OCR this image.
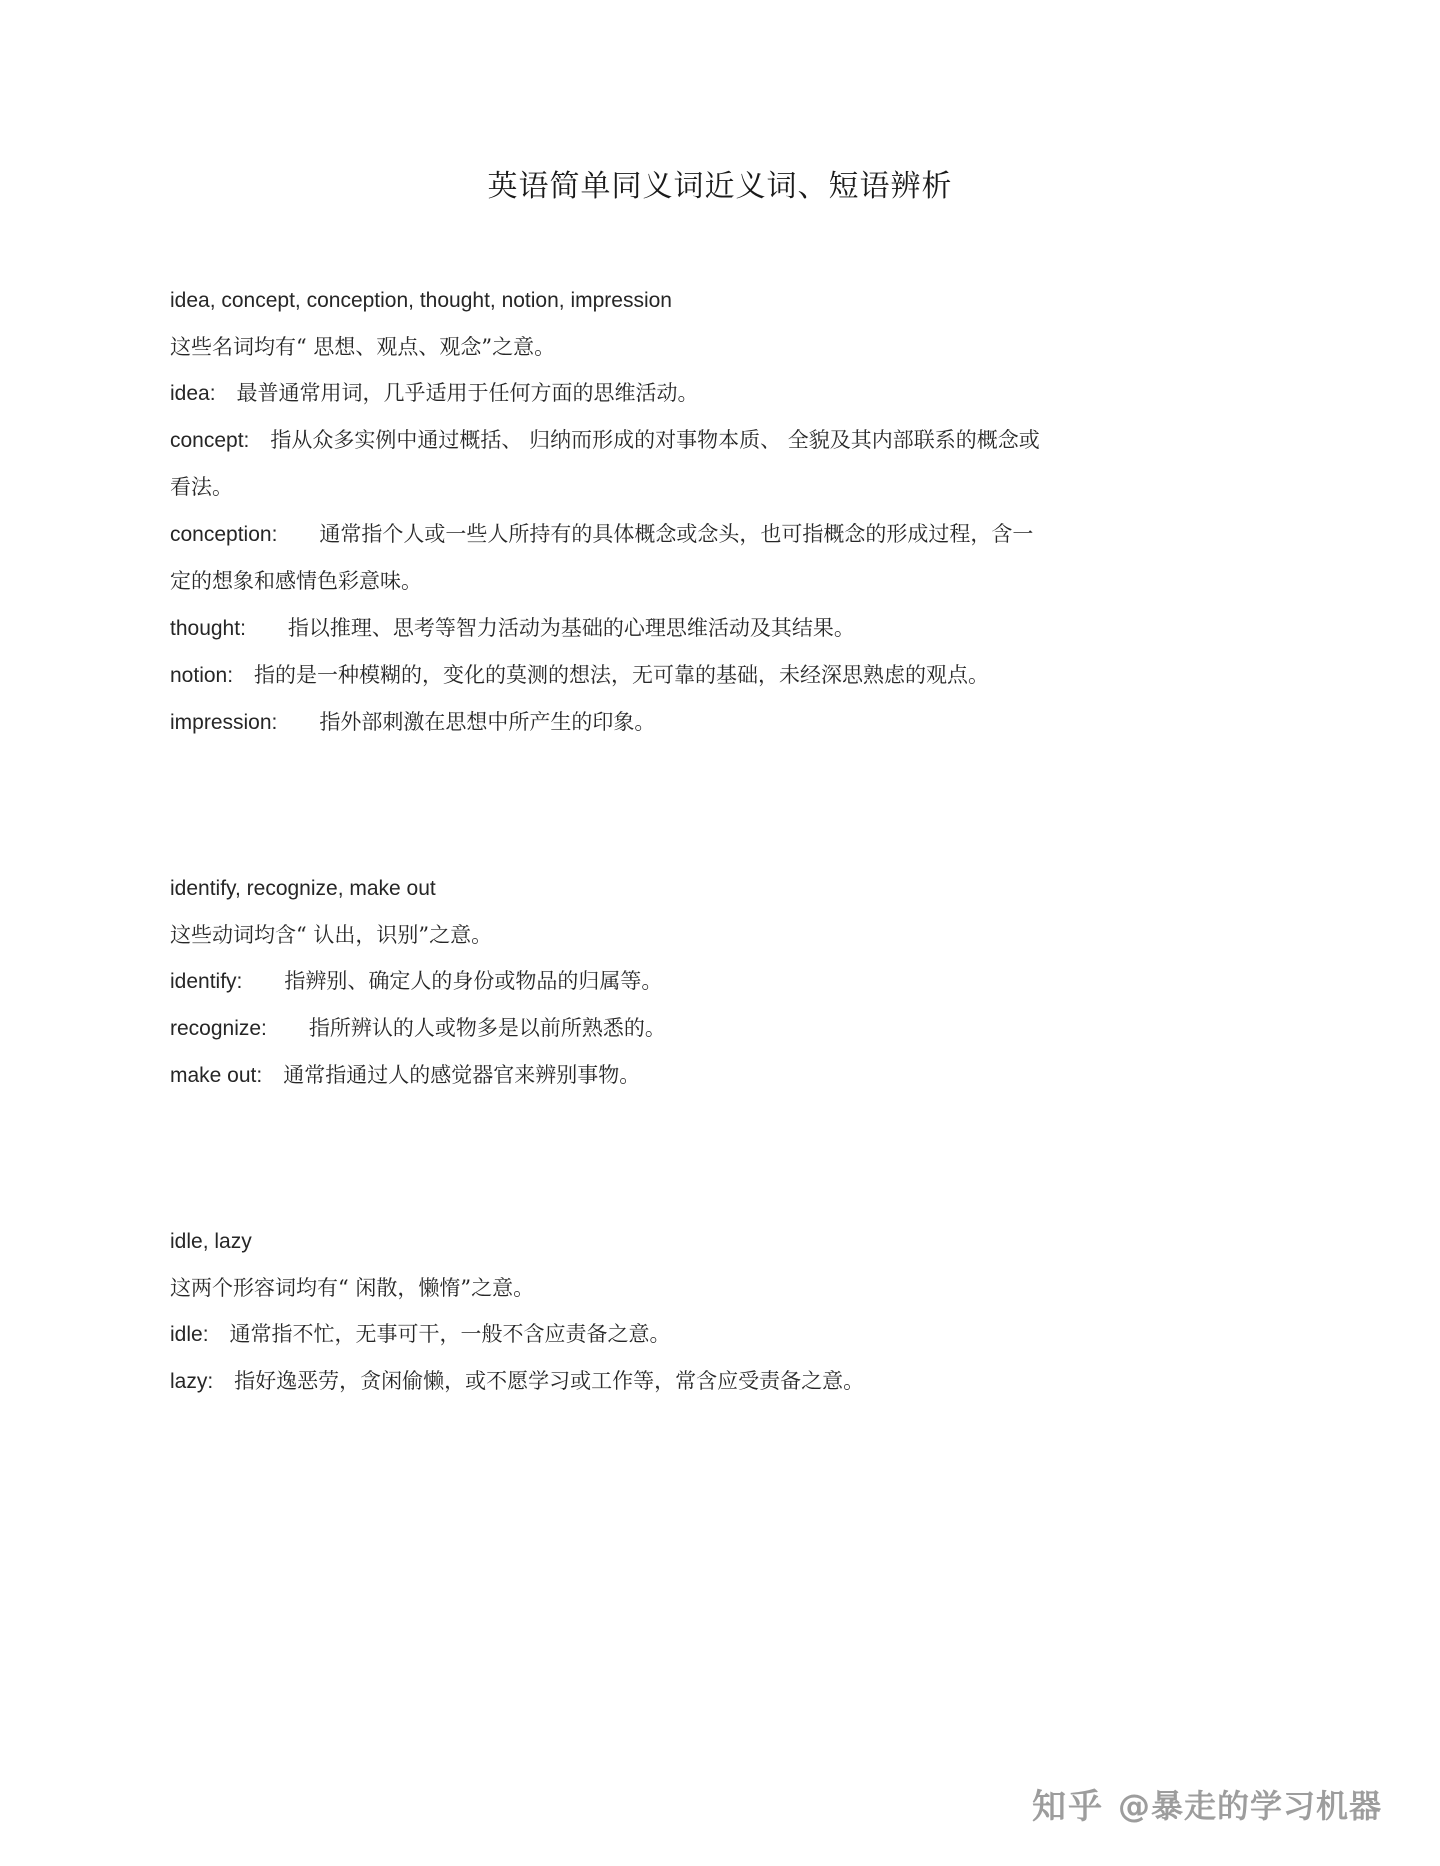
英语简单同义词近义词、短语辨析
idea, concept, conception, thought, notion, impression
这些名词均有“ 思想、观点、观念”之意。
idea:　最普通常用词，几乎适用于任何方面的思维活动。
concept:　指从众多实例中通过概括、 归纳而形成的对事物本质、 全貌及其内部联系的概念或看法。
conception:　　通常指个人或一些人所持有的具体概念或念头，也可指概念的形成过程，含一定的想象和感情色彩意味。
thought:　　指以推理、思考等智力活动为基础的心理思维活动及其结果。
notion:　指的是一种模糊的，变化的莫测的想法，无可靠的基础，未经深思熟虑的观点。
impression:　　指外部刺激在思想中所产生的印象。
identify, recognize, make out
这些动词均含“ 认出，识别”之意。
identify:　　指辨别、确定人的身份或物品的归属等。
recognize:　　指所辨认的人或物多是以前所熟悉的。
make out:　通常指通过人的感觉器官来辨别事物。
idle, lazy
这两个形容词均有“ 闲散，懒惰”之意。
idle:　通常指不忙，无事可干，一般不含应责备之意。
lazy:　指好逸恶劳，贪闲偷懒，或不愿学习或工作等，常含应受责备之意。
知乎 @暴走的学习机器
